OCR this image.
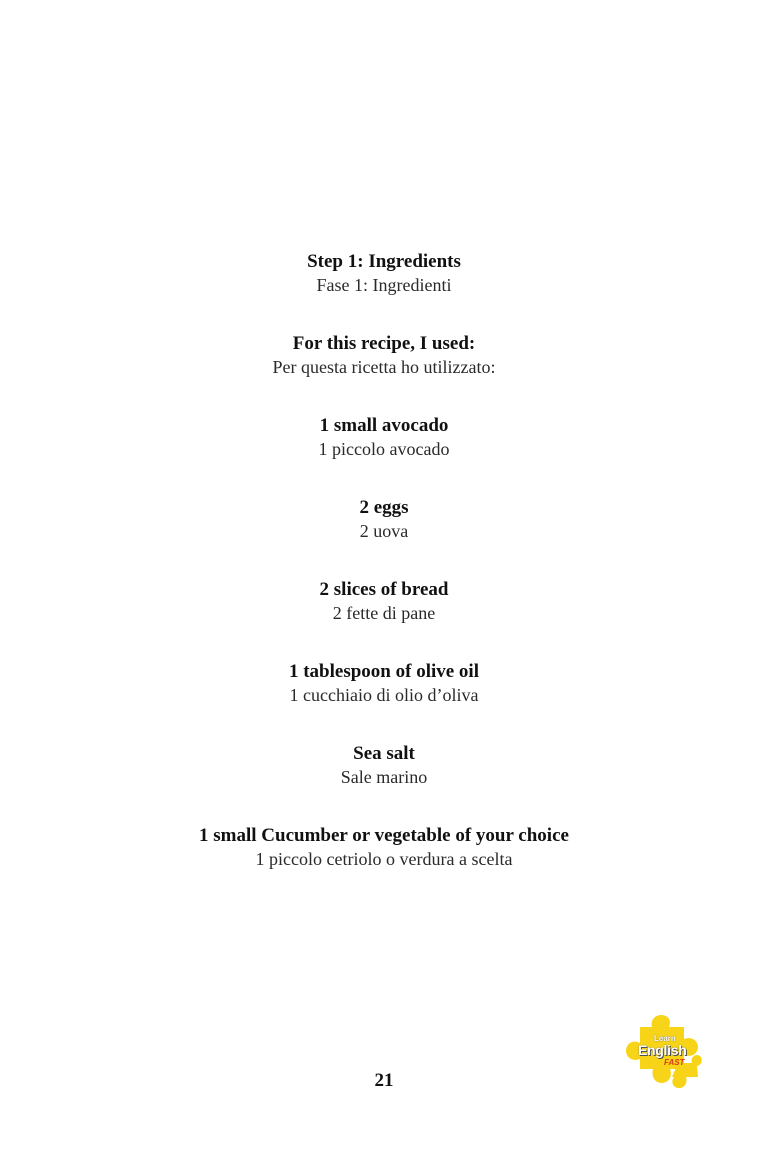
Step 1: Ingredients
Fase 1: Ingredienti
For this recipe, I used:
Per questa ricetta ho utilizzato:
1 small avocado
1 piccolo avocado
2 eggs
2 uova
2 slices of bread
2 fette di pane
1 tablespoon of olive oil
1 cucchiaio di olio d’oliva
Sea salt
Sale marino
1 small Cucumber or vegetable of your choice
1 piccolo cetriolo o verdura a scelta
21
Learn
English
FAST
